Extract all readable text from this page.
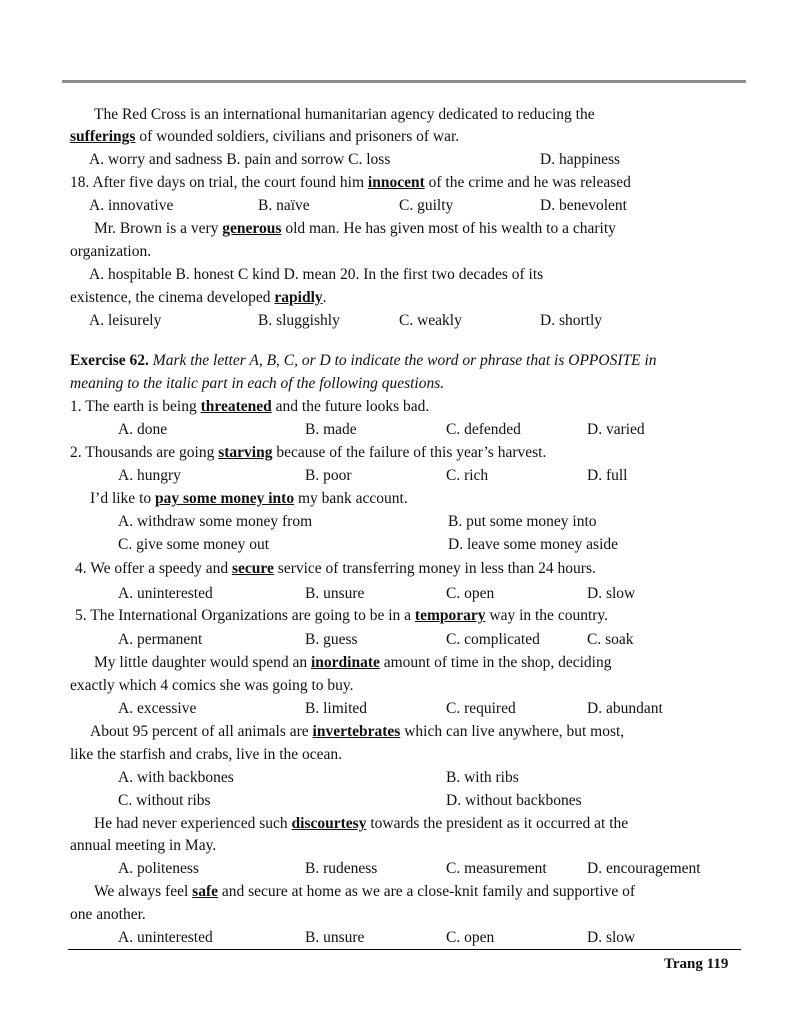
The Red Cross is an international humanitarian agency dedicated to reducing the
sufferings of wounded soldiers, civilians and prisoners of war.
A. worry and sadness B. pain and sorrow C. loss	D. happiness
18. After five days on trial, the court found him innocent of the crime and he was released
A. innovative	B. naïve	C. guilty	D. benevolent
Mr. Brown is a very generous old man. He has given most of his wealth to a charity
organization.
A. hospitable B. honest C kind D. mean 20. In the first two decades of its
existence, the cinema developed rapidly.
A. leisurely	B. sluggishly	C. weakly	D. shortly
Exercise 62. Mark the letter A, B, C, or D to indicate the word or phrase that is OPPOSITE in
meaning to the italic part in each of the following questions.
1. The earth is being threatened and the future looks bad.
A. done	B. made	C. defended	D. varied
2. Thousands are going starving because of the failure of this year’s harvest.
A. hungry	B. poor	C. rich	D. full
I’d like to pay some money into my bank account.
A. withdraw some money from	B. put some money into
C. give some money out	D. leave some money aside
4. We offer a speedy and secure service of transferring money in less than 24 hours.
A. uninterested	B. unsure	C. open	D. slow
5. The International Organizations are going to be in a temporary way in the country.
A. permanent	B. guess	C. complicated	C. soak
My little daughter would spend an inordinate amount of time in the shop, deciding
exactly which 4 comics she was going to buy.
A. excessive	B. limited	C. required	D. abundant
About 95 percent of all animals are invertebrates which can live anywhere, but most,
like the starfish and crabs, live in the ocean.
A. with backbones	B. with ribs
C. without ribs	D. without backbones
He had never experienced such discourtesy towards the president as it occurred at the
annual meeting in May.
A. politeness	B. rudeness	C. measurement	D. encouragement
We always feel safe and secure at home as we are a close-knit family and supportive of
one another.
A. uninterested	B. unsure	C. open	D. slow
Trang 119
